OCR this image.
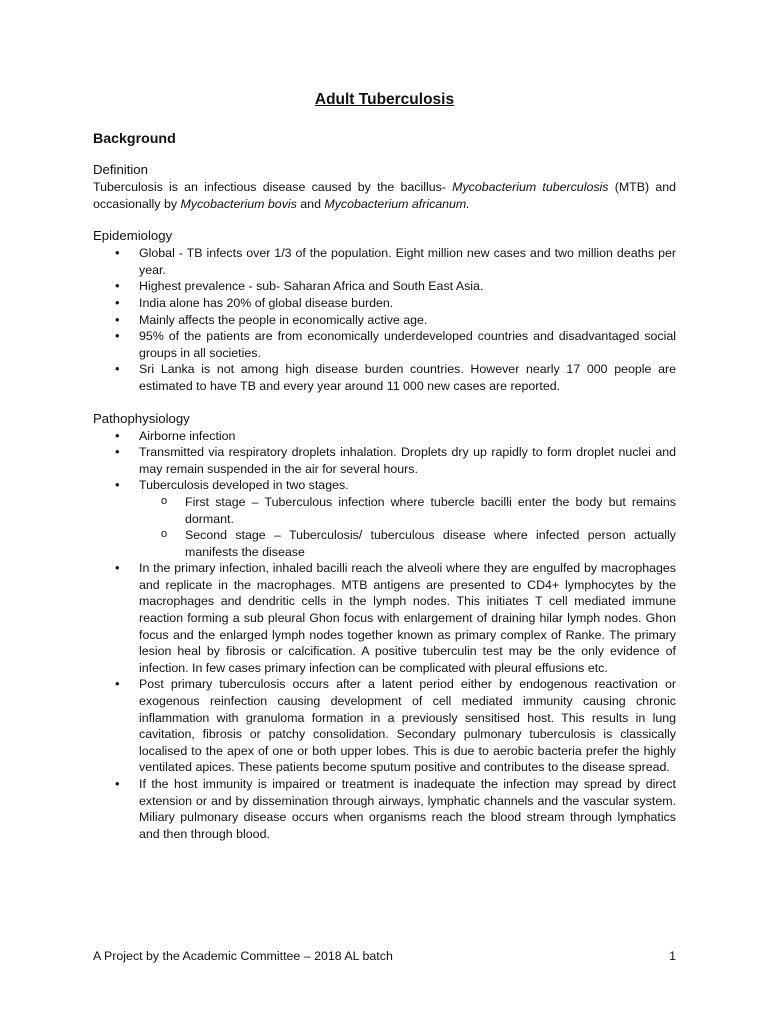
Adult Tuberculosis
Background
Definition

Tuberculosis is an infectious disease caused by the bacillus- Mycobacterium tuberculosis (MTB) and occasionally by Mycobacterium bovis and Mycobacterium africanum.

Epidemiology
• Global - TB infects over 1/3 of the population. Eight million new cases and two million deaths per year.
• Highest prevalence - sub- Saharan Africa and South East Asia.
• India alone has 20% of global disease burden.
• Mainly affects the people in economically active age.
• 95% of the patients are from economically underdeveloped countries and disadvantaged social groups in all societies.
• Sri Lanka is not among high disease burden countries. However nearly 17 000 people are estimated to have TB and every year around 11 000 new cases are reported.
Pathophysiology
• Airborne infection
• Transmitted via respiratory droplets inhalation. Droplets dry up rapidly to form droplet nuclei and may remain suspended in the air for several hours.
• Tuberculosis developed in two stages.
o First stage – Tuberculous infection where tubercle bacilli enter the body but remains dormant.
o Second stage – Tuberculosis/ tuberculous disease where infected person actually manifests the disease
• In the primary infection, inhaled bacilli reach the alveoli where they are engulfed by macrophages and replicate in the macrophages. MTB antigens are presented to CD4+ lymphocytes by the macrophages and dendritic cells in the lymph nodes. This initiates T cell mediated immune reaction forming a sub pleural Ghon focus with enlargement of draining hilar lymph nodes. Ghon focus and the enlarged lymph nodes together known as primary complex of Ranke. The primary lesion heal by fibrosis or calcification. A positive tuberculin test may be the only evidence of infection. In few cases primary infection can be complicated with pleural effusions etc.
• Post primary tuberculosis occurs after a latent period either by endogenous reactivation or exogenous reinfection causing development of cell mediated immunity causing chronic inflammation with granuloma formation in a previously sensitised host. This results in lung cavitation, fibrosis or patchy consolidation. Secondary pulmonary tuberculosis is classically localised to the apex of one or both upper lobes. This is due to aerobic bacteria prefer the highly ventilated apices. These patients become sputum positive and contributes to the disease spread.
• If the host immunity is impaired or treatment is inadequate the infection may spread by direct extension or and by dissemination through airways, lymphatic channels and the vascular system. Miliary pulmonary disease occurs when organisms reach the blood stream through lymphatics and then through blood.
A Project by the Academic Committee – 2018 AL batch	1
